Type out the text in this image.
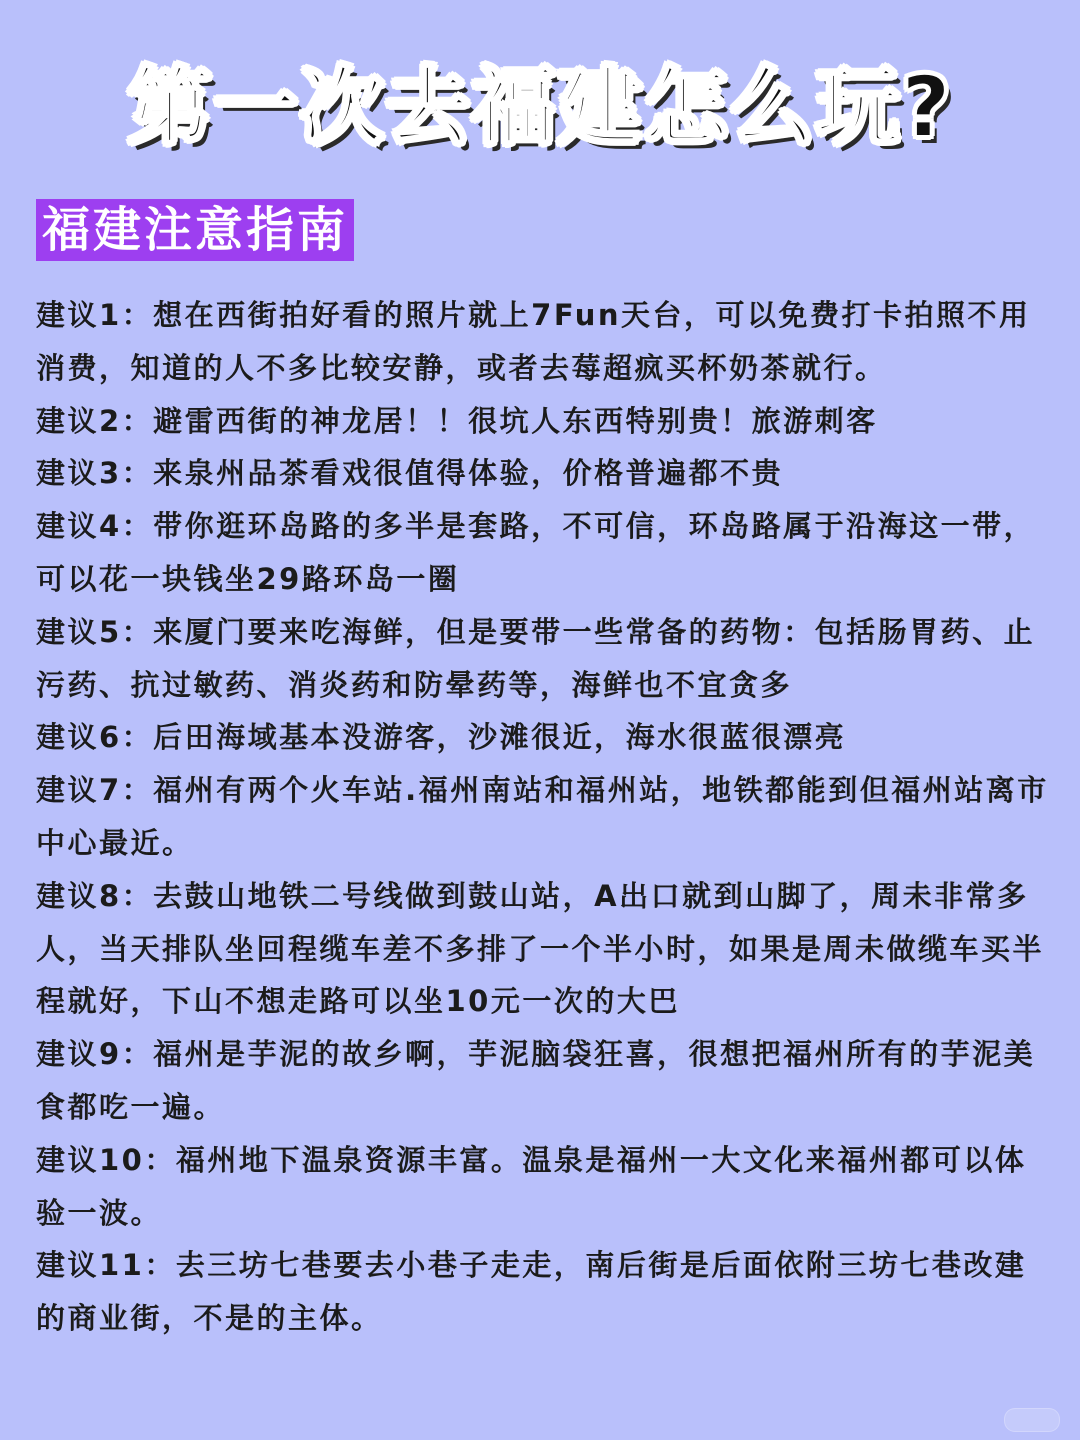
第一次去福建怎么玩?
福建注意指南
建议1：想在西街拍好看的照片就上7Fun天台，可以免费打卡拍照不用消费，知道的人不多比较安静，或者去莓超疯买杯奶茶就行。
建议2：避雷西街的神龙居！！很坑人东西特别贵！旅游刺客
建议3：来泉州品茶看戏很值得体验，价格普遍都不贵
建议4：带你逛环岛路的多半是套路，不可信，环岛路属于沿海这一带，可以花一块钱坐29路环岛一圈
建议5：来厦门要来吃海鲜，但是要带一些常备的药物：包括肠胃药、止污药、抗过敏药、消炎药和防晕药等，海鲜也不宜贪多
建议6：后田海域基本没游客，沙滩很近，海水很蓝很漂亮
建议7：福州有两个火车站.福州南站和福州站，地铁都能到但福州站离市中心最近。
建议8：去鼓山地铁二号线做到鼓山站，A出口就到山脚了，周未非常多人，当天排队坐回程缆车差不多排了一个半小时，如果是周未做缆车买半程就好，下山不想走路可以坐10元一次的大巴
建议9：福州是芋泥的故乡啊，芋泥脑袋狂喜，很想把福州所有的芋泥美食都吃一遍。
建议10：福州地下温泉资源丰富。温泉是福州一大文化来福州都可以体验一波。
建议11：去三坊七巷要去小巷子走走，南后街是后面依附三坊七巷改建的商业街，不是的主体。
